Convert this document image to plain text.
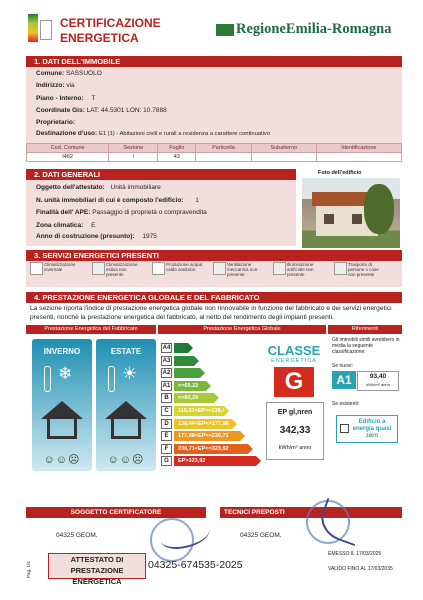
CERTIFICAZIONE
ENERGETICA
RegioneEmilia-Romagna
1. DATI DELL'IMMOBILE
Comune: SASSUOLO
Indirizzo: via
Piano - Interno: T
Coordinate Gis: LAT: 44.5301 LON: 10.7888
Proprietario:
Destinazione d'uso: E1 (1) - Abitazioni civili e rurali a residenza a carattere continuativo
Cod. Comune	Sezione	Foglio	Particella	Subalterno	Identificazione
I462	/	43			
2. DATI GENERALI	Foto dell'edificio
Oggetto dell'attestato: Unità immobiliare
N. unità immobiliari di cui è composto l'edificio: 1
Finalità dell' APE: Passaggio di proprietà o compravendita
Zona climatica: E
Anno di costruzione (presunto): 1975
3. SERVIZI ENERGETICI PRESENTI
Climatizzazione invernale
Climatizzazione estiva non presente
Produzione acqua calda sanitaria
Ventilazione meccanica non presente
Illuminazione artificiale non presente
Trasporto di persone o cose non presente
4. PRESTAZIONE ENERGETICA GLOBALE E DEL FABBRICATO
La sezione riporta l'indice di prestazione energetica globale non rinnovabile in funzione del fabbricato e dei servizi energetici presenti, nonchè la prestazione energetica del fabbricato, al netto del rendimento degli impianti presenti.
Prestazione Energetica del Fabbricato	Prestazione Energetica Globale	Riferimenti
INVERNO
❄
☺☺☹
ESTATE
☀
☺☺☹
A4
A3
A2
A1	<=69,22
B	<=92,29
C	115,37<EP<=138,44
D	138,44<EP<=177,98
E	177,98<EP<=230,71
F	230,71<EP<=323,92
G	EP>323,92
CLASSE
ENERGETICA
G
EP gl,nren
342,33
kWh/m² anno
Gli immobili simili avrebbero in media la seguente classificazione:
Se nuovi:
A1	93,40
kWh/m² anno
Se esistenti:
Edificio a energia quasi zero
SOGGETTO CERTIFICATORE	TECNICI PREPOSTI
04325 GEOM.	04325 GEOM.
EMESSO IL 17/03/2025
ATTESTATO DI
PRESTAZIONE ENERGETICA
Pag. 1/4	04325-674535-2025	VALIDO FINO AL 17/03/2035
